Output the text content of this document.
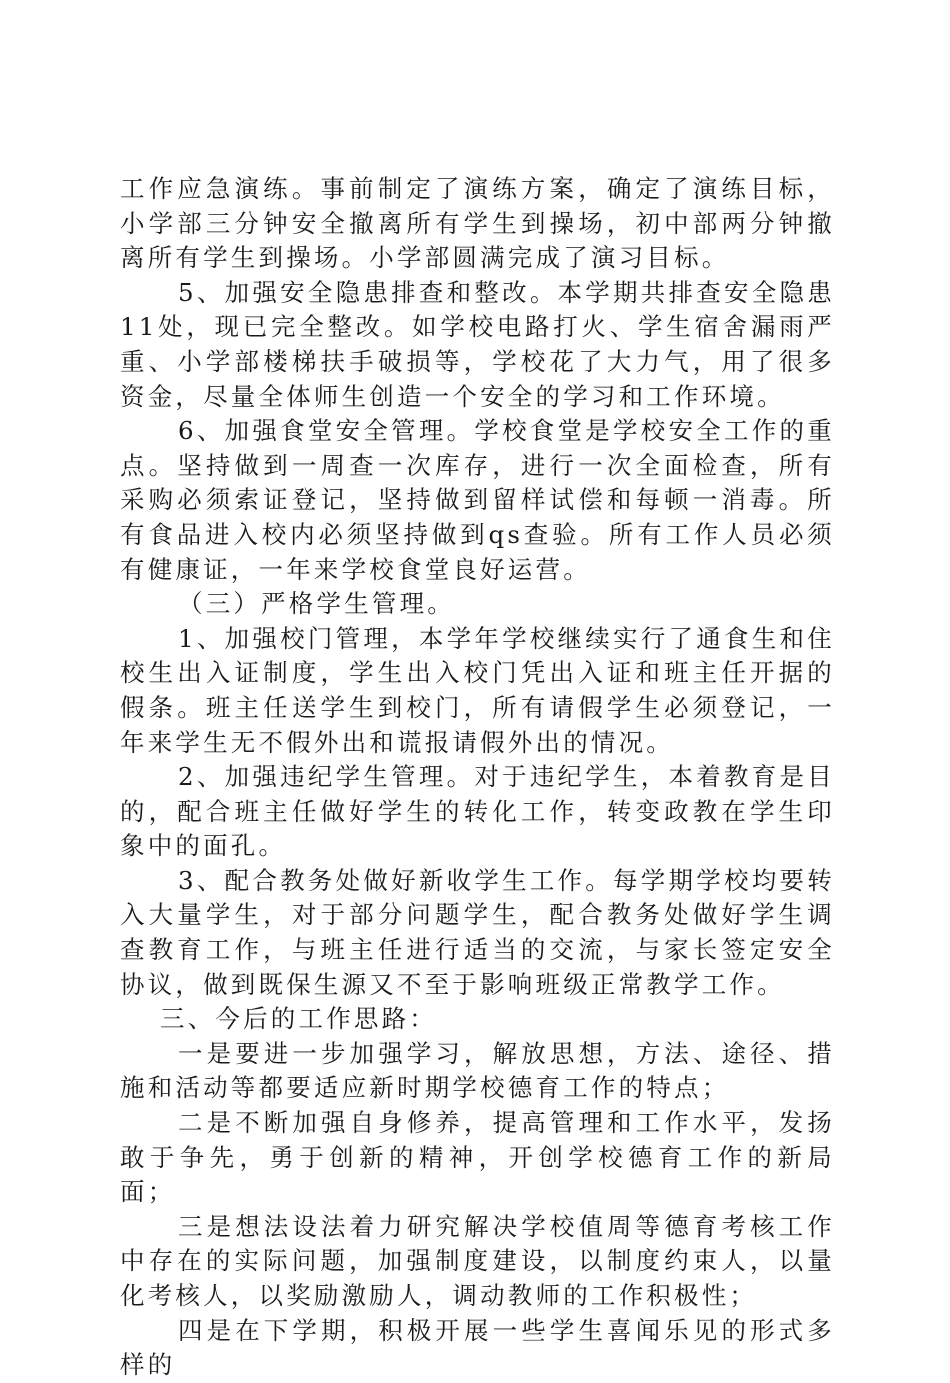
工作应急演练。事前制定了演练方案，确定了演练目标，小学部三分钟安全撤离所有学生到操场，初中部两分钟撤离所有学生到操场。小学部圆满完成了演习目标。

5、加强安全隐患排查和整改。本学期共排查安全隐患11处，现已完全整改。如学校电路打火、学生宿舍漏雨严重、小学部楼梯扶手破损等，学校花了大力气，用了很多资金，尽量全体师生创造一个安全的学习和工作环境。

6、加强食堂安全管理。学校食堂是学校安全工作的重点。坚持做到一周查一次库存，进行一次全面检查，所有采购必须索证登记，坚持做到留样试偿和每顿一消毒。所有食品进入校内必须坚持做到qs查验。所有工作人员必须有健康证，一年来学校食堂良好运营。

（三）严格学生管理。

1、加强校门管理，本学年学校继续实行了通食生和住校生出入证制度，学生出入校门凭出入证和班主任开据的假条。班主任送学生到校门，所有请假学生必须登记，一年来学生无不假外出和谎报请假外出的情况。

2、加强违纪学生管理。对于违纪学生，本着教育是目的，配合班主任做好学生的转化工作，转变政教在学生印象中的面孔。

3、配合教务处做好新收学生工作。每学期学校均要转入大量学生，对于部分问题学生，配合教务处做好学生调查教育工作，与班主任进行适当的交流，与家长签定安全协议，做到既保生源又不至于影响班级正常教学工作。

三、今后的工作思路：

一是要进一步加强学习，解放思想，方法、途径、措施和活动等都要适应新时期学校德育工作的特点；

二是不断加强自身修养，提高管理和工作水平，发扬敢于争先，勇于创新的精神，开创学校德育工作的新局面；

三是想法设法着力研究解决学校值周等德育考核工作中存在的实际问题，加强制度建设，以制度约束人，以量化考核人，以奖励激励人，调动教师的工作积极性；

四是在下学期，积极开展一些学生喜闻乐见的形式多样的
